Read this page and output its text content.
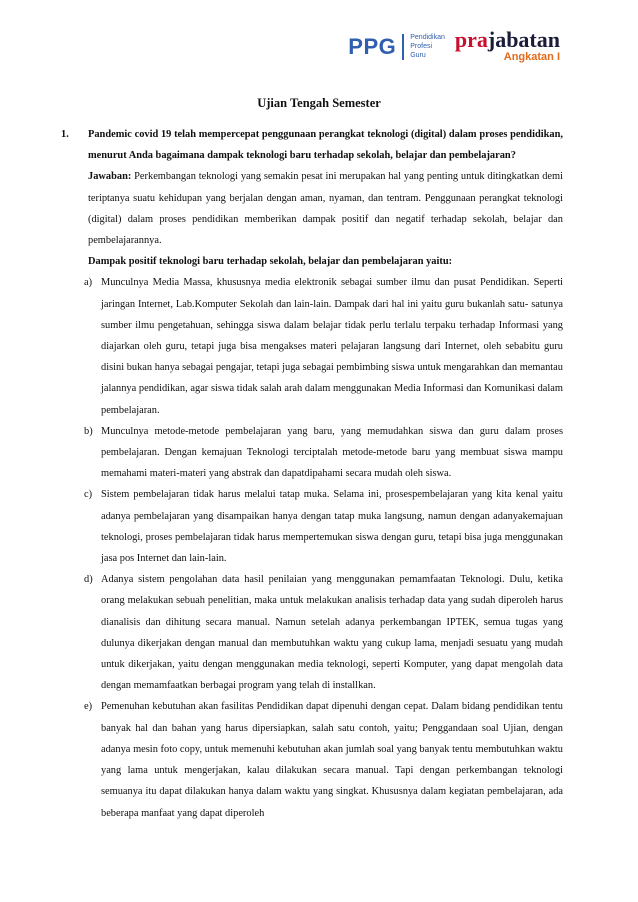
PPG Pendidikan
Profesi
Guru
prajabatan
Angkatan I
Ujian Tengah Semester

1. Pandemic covid 19 telah mempercepat penggunaan perangkat teknologi (digital) dalam proses pendidikan, menurut Anda bagaimana dampak teknologi baru terhadap sekolah, belajar dan pembelajaran?

Jawaban: Perkembangan teknologi yang semakin pesat ini merupakan hal yang penting untuk ditingkatkan demi teriptanya suatu kehidupan yang berjalan dengan aman, nyaman, dan tentram. Penggunaan perangkat teknologi (digital) dalam proses pendidikan memberikan dampak positif dan negatif terhadap sekolah, belajar dan pembelajarannya.

Dampak positif teknologi baru terhadap sekolah, belajar dan pembelajaran yaitu:

a) Munculnya Media Massa, khususnya media elektronik sebagai sumber ilmu dan pusat Pendidikan. Seperti jaringan Internet, Lab.Komputer Sekolah dan lain-lain. Dampak dari hal ini yaitu guru bukanlah satu- satunya sumber ilmu pengetahuan, sehingga siswa dalam belajar tidak perlu terlalu terpaku terhadap Informasi yang diajarkan oleh guru, tetapi juga bisa mengakses materi pelajaran langsung dari Internet, oleh sebabitu guru disini bukan hanya sebagai pengajar, tetapi juga sebagai pembimbing siswa untuk mengarahkan dan memantau jalannya pendidikan, agar siswa tidak salah arah dalam menggunakan Media Informasi dan Komunikasi dalam pembelajaran.
b) Munculnya metode-metode pembelajaran yang baru, yang memudahkan siswa dan guru dalam proses pembelajaran. Dengan kemajuan Teknologi terciptalah metode-metode baru yang membuat siswa mampu memahami materi-materi yang abstrak dan dapatdipahami secara mudah oleh siswa.
c) Sistem pembelajaran tidak harus melalui tatap muka. Selama ini, prosespembelajaran yang kita kenal yaitu adanya pembelajaran yang disampaikan hanya dengan tatap muka langsung, namun dengan adanyakemajuan teknologi, proses pembelajaran tidak harus mempertemukan siswa dengan guru, tetapi bisa juga menggunakan jasa pos Internet dan lain-lain.
d) Adanya sistem pengolahan data hasil penilaian yang menggunakan pemamfaatan Teknologi. Dulu, ketika orang melakukan sebuah penelitian, maka untuk melakukan analisis terhadap data yang sudah diperoleh harus dianalisis dan dihitung secara manual. Namun setelah adanya perkembangan IPTEK, semua tugas yang dulunya dikerjakan dengan manual dan membutuhkan waktu yang cukup lama, menjadi sesuatu yang mudah untuk dikerjakan, yaitu dengan menggunakan media teknologi, seperti Komputer, yang dapat mengolah data dengan memamfaatkan berbagai program yang telah di installkan.
e) Pemenuhan kebutuhan akan fasilitas Pendidikan dapat dipenuhi dengan cepat. Dalam bidang pendidikan tentu banyak hal dan bahan yang harus dipersiapkan, salah satu contoh, yaitu; Penggandaan soal Ujian, dengan adanya mesin foto copy, untuk memenuhi kebutuhan akan jumlah soal yang banyak tentu membutuhkan waktu yang lama untuk mengerjakan, kalau dilakukan secara manual. Tapi dengan perkembangan teknologi semuanya itu dapat dilakukan hanya dalam waktu yang singkat. Khususnya dalam kegiatan pembelajaran, ada beberapa manfaat yang dapat diperoleh
